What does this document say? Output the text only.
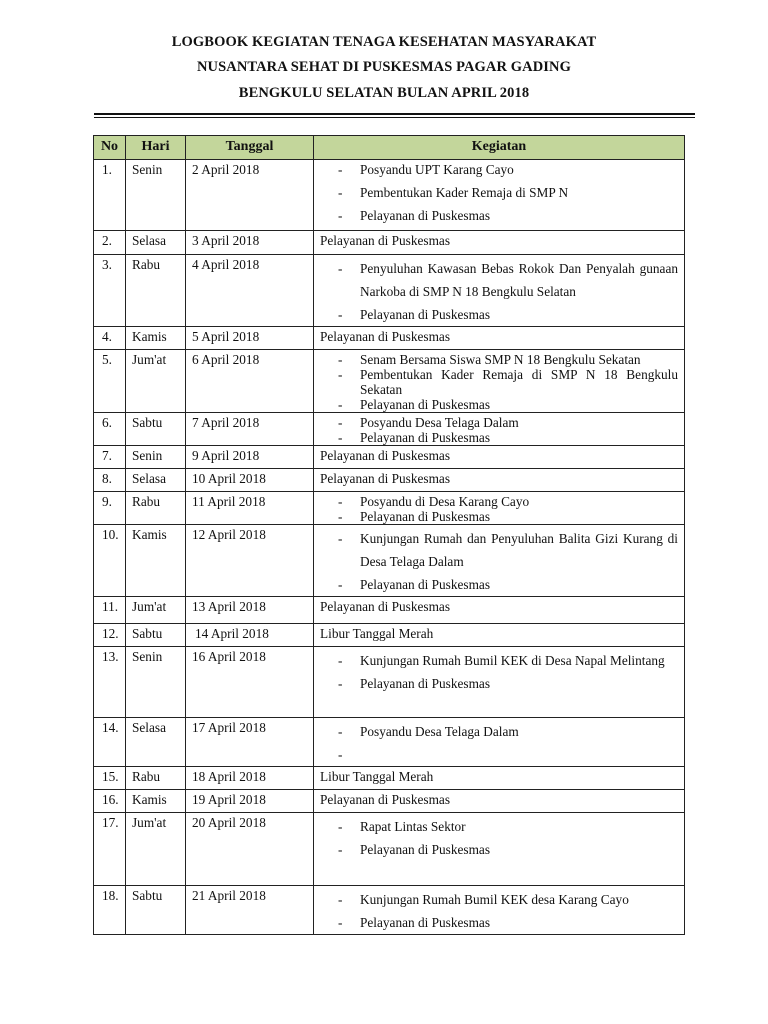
LOGBOOK KEGIATAN TENAGA KESEHATAN MASYARAKAT
NUSANTARA SEHAT DI PUSKESMAS PAGAR GADING
BENGKULU SELATAN BULAN APRIL 2018
No	Hari	Tanggal	Kegiatan
1.	Senin	2 April 2018	- Posyandu UPT Karang Cayo
- Pembentukan Kader Remaja di SMP N
- Pelayanan di Puskesmas

2.	Selasa	3 April 2018	Pelayanan di Puskesmas
3.	Rabu	4 April 2018	- Penyuluhan Kawasan Bebas Rokok Dan Penyalah gunaan Narkoba di SMP N 18 Bengkulu Selatan
- Pelayanan di Puskesmas

4.	Kamis	5 April 2018	Pelayanan di Puskesmas
5.	Jum'at	6 April 2018	- Senam Bersama Siswa SMP N 18 Bengkulu Sekatan
- Pembentukan Kader Remaja di SMP N 18 Bengkulu Sekatan
- Pelayanan di Puskesmas

6.	Sabtu	7 April 2018	- Posyandu Desa Telaga Dalam
- Pelayanan di Puskesmas

7.	Senin	9 April 2018	Pelayanan di Puskesmas
8.	Selasa	10 April 2018	Pelayanan di Puskesmas
9.	Rabu	11 April 2018	- Posyandu di Desa Karang Cayo
- Pelayanan di Puskesmas

10.	Kamis	12 April 2018	- Kunjungan Rumah dan Penyuluhan Balita Gizi Kurang di Desa Telaga Dalam
- Pelayanan di Puskesmas

11.	Jum'at	13 April 2018	Pelayanan di Puskesmas
12.	Sabtu	14 April 2018	Libur Tanggal Merah
13.	Senin	16 April 2018	- Kunjungan Rumah Bumil KEK di Desa Napal Melintang
- Pelayanan di Puskesmas

14.	Selasa	17 April 2018	- Posyandu Desa Telaga Dalam
-

15.	Rabu	18 April 2018	Libur Tanggal Merah
16.	Kamis	19 April 2018	Pelayanan di Puskesmas
17.	Jum'at	20 April 2018	- Rapat Lintas Sektor
- Pelayanan di Puskesmas

18.	Sabtu	21 April 2018	- Kunjungan Rumah Bumil KEK desa Karang Cayo
- Pelayanan di Puskesmas
